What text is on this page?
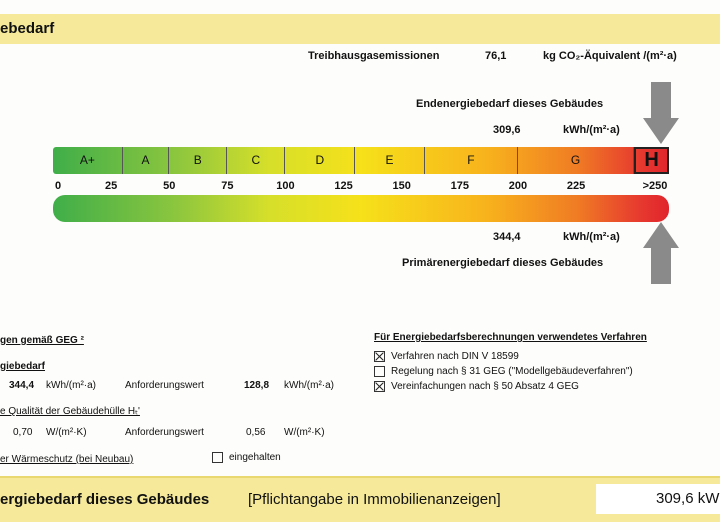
ebedarf
Treibhausgasemissionen	76,1	kg CO₂-Äquivalent /(m²·a)
Endenergiebedarf dieses Gebäudes
309,6	kWh/(m²·a)
A+	A	B	C	D	E	F	G	H
0	25	50	75	100	125	150	175	200	225	>250
344,4	kWh/(m²·a)
Primärenergiebedarf dieses Gebäudes
gen gemäß GEG ²
giebedarf
344,4 kWh/(m²·a)	Anforderungswert	128,8 kWh/(m²·a)
e Qualität der Gebäudehülle Hₜ'
0,70 W/(m²·K)	Anforderungswert	0,56 W/(m²·K)
er Wärmeschutz (bei Neubau)	eingehalten
Für Energiebedarfsberechnungen verwendetes Verfahren
Verfahren nach DIN V 18599
Regelung nach § 31 GEG ("Modellgebäudeverfahren")
Vereinfachungen nach § 50 Absatz 4 GEG
ergiebedarf dieses Gebäudes	[Pflichtangabe in Immobilienanzeigen]	309,6 kW
